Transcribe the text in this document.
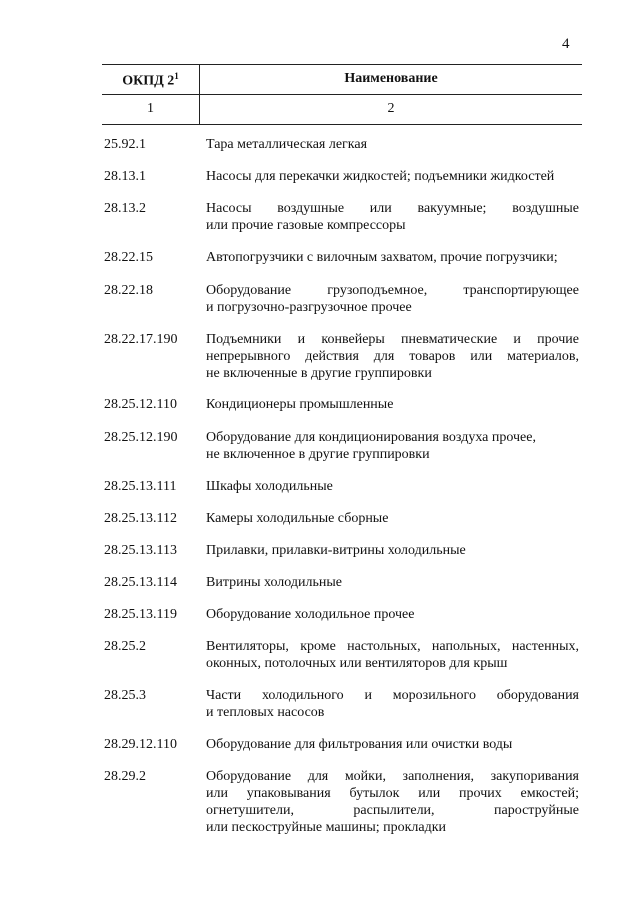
4
ОКПД $2^1$	Наименование
1	2
25.92.1	Тара металлическая легкая
28.13.1	Насосы для перекачки жидкостей; подъемники жидкостей
28.13.2	Насосы воздушные или вакуумные; воздушные
или прочие газовые компрессоры
28.22.15	Автопогрузчики с вилочным захватом, прочие погрузчики;
28.22.18	Оборудование грузоподъемное, транспортирующее
и погрузочно-разгрузочное прочее
28.22.17.190 Подъемники и конвейеры пневматические и прочие
непрерывного действия для товаров или материалов,
не включенные в другие группировки
28.25.12.110 Кондиционеры промышленные
28.25.12.190 Оборудование для кондиционирования воздуха прочее,
не включенное в другие группировки
28.25.13.111 Шкафы холодильные
28.25.13.112 Камеры холодильные сборные
28.25.13.113 Прилавки, прилавки-витрины холодильные
28.25.13.114 Витрины холодильные
28.25.13.119 Оборудование холодильное прочее
28.25.2	Вентиляторы, кроме настольных, напольных, настенных,
оконных, потолочных или вентиляторов для крыш
28.25.3	Части холодильного и морозильного оборудования
и тепловых насосов
28.29.12.110 Оборудование для фильтрования или очистки воды
28.29.2	Оборудование для мойки, заполнения, закупоривания
или упаковывания бутылок или прочих емкостей;
огнетушители, распылители, пароструйные
или пескоструйные машины; прокладки
